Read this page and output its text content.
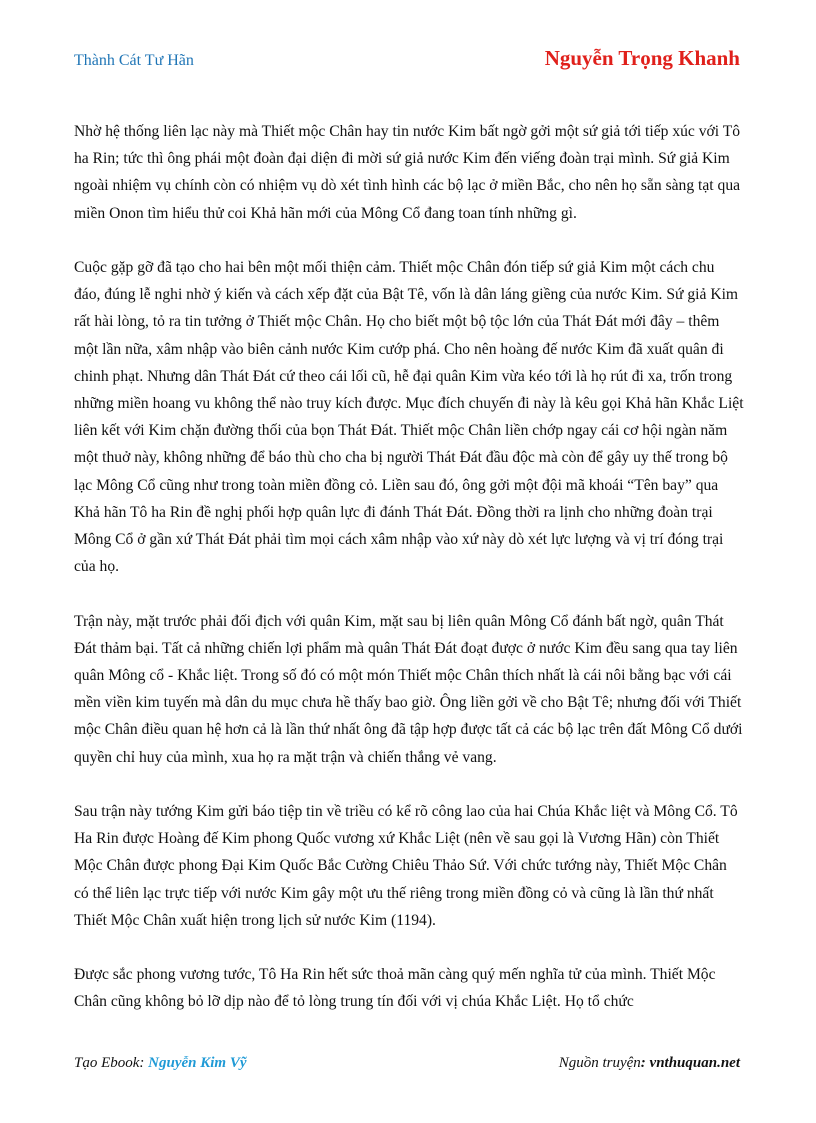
Thành Cát Tư Hãn	Nguyễn Trọng Khanh

Nhờ hệ thống liên lạc này mà Thiết mộc Chân hay tin nước Kim bất ngờ gởi một sứ giả tới tiếp xúc với Tô ha Rin; tức thì ông phái một đoàn đại diện đi mời sứ giả nước Kim đến viếng đoàn trại mình. Sứ giả Kim ngoài nhiệm vụ chính còn có nhiệm vụ dò xét tình hình các bộ lạc ở miền Bắc, cho nên họ sẵn sàng tạt qua miền Onon tìm hiểu thử coi Khả hãn mới của Mông Cổ đang toan tính những gì.

Cuộc gặp gỡ đã tạo cho hai bên một mối thiện cảm. Thiết mộc Chân đón tiếp sứ giả Kim một cách chu đáo, đúng lễ nghi nhờ ý kiến và cách xếp đặt của Bật Tê, vốn là dân láng giềng của nước Kim. Sứ giả Kim rất hài lòng, tỏ ra tin tưởng ở Thiết mộc Chân. Họ cho biết một bộ tộc lớn của Thát Đát mới đây – thêm một lần nữa, xâm nhập vào biên cảnh nước Kim cướp phá. Cho nên hoàng đế nước Kim đã xuất quân đi chinh phạt. Nhưng dân Thát Đát cứ theo cái lối cũ, hễ đại quân Kim vừa kéo tới là họ rút đi xa, trốn trong những miền hoang vu không thể nào truy kích được. Mục đích chuyến đi này là kêu gọi Khả hãn Khắc Liệt liên kết với Kim chặn đường thối của bọn Thát Đát. Thiết mộc Chân liền chớp ngay cái cơ hội ngàn năm một thuở này, không những để báo thù cho cha bị người Thát Đát đầu độc mà còn để gây uy thế trong bộ lạc Mông Cổ cũng như trong toàn miền đồng cỏ. Liền sau đó, ông gởi một đội mã khoái “Tên bay” qua Khả hãn Tô ha Rin đề nghị phối hợp quân lực đi đánh Thát Đát. Đồng thời ra lịnh cho những đoàn trại Mông Cổ ở gần xứ Thát Đát phải tìm mọi cách xâm nhập vào xứ này dò xét lực lượng và vị trí đóng trại của họ.

Trận này, mặt trước phải đối địch với quân Kim, mặt sau bị liên quân Mông Cổ đánh bất ngờ, quân Thát Đát thảm bại. Tất cả những chiến lợi phẩm mà quân Thát Đát đoạt được ở nước Kim đều sang qua tay liên quân Mông cổ - Khắc liệt. Trong số đó có một món Thiết mộc Chân thích nhất là cái nôi bằng bạc với cái mền viền kim tuyến mà dân du mục chưa hề thấy bao giờ. Ông liền gởi về cho Bật Tê; nhưng đối với Thiết mộc Chân điều quan hệ hơn cả là lần thứ nhất ông đã tập hợp được tất cả các bộ lạc trên đất Mông Cổ dưới quyền chỉ huy của mình, xua họ ra mặt trận và chiến thắng vẻ vang.

Sau trận này tướng Kim gửi báo tiệp tin về triều có kể rõ công lao của hai Chúa Khắc liệt và Mông Cổ. Tô Ha Rin được Hoàng đế Kim phong Quốc vương xứ Khắc Liệt (nên về sau gọi là Vương Hãn) còn Thiết Mộc Chân được phong Đại Kim Quốc Bắc Cường Chiêu Thảo Sứ. Với chức tướng này, Thiết Mộc Chân có thể liên lạc trực tiếp với nước Kim gây một ưu thế riêng trong miền đồng cỏ và cũng là lần thứ nhất Thiết Mộc Chân xuất hiện trong lịch sử nước Kim (1194).

Được sắc phong vương tước, Tô Ha Rin hết sức thoả mãn càng quý mến nghĩa tử của mình. Thiết Mộc Chân cũng không bỏ lỡ dịp nào để tỏ lòng trung tín đối với vị chúa Khắc Liệt. Họ tổ chức

Tạo Ebook: Nguyễn Kim Vỹ	Nguồn truyện: vnthuquan.net
